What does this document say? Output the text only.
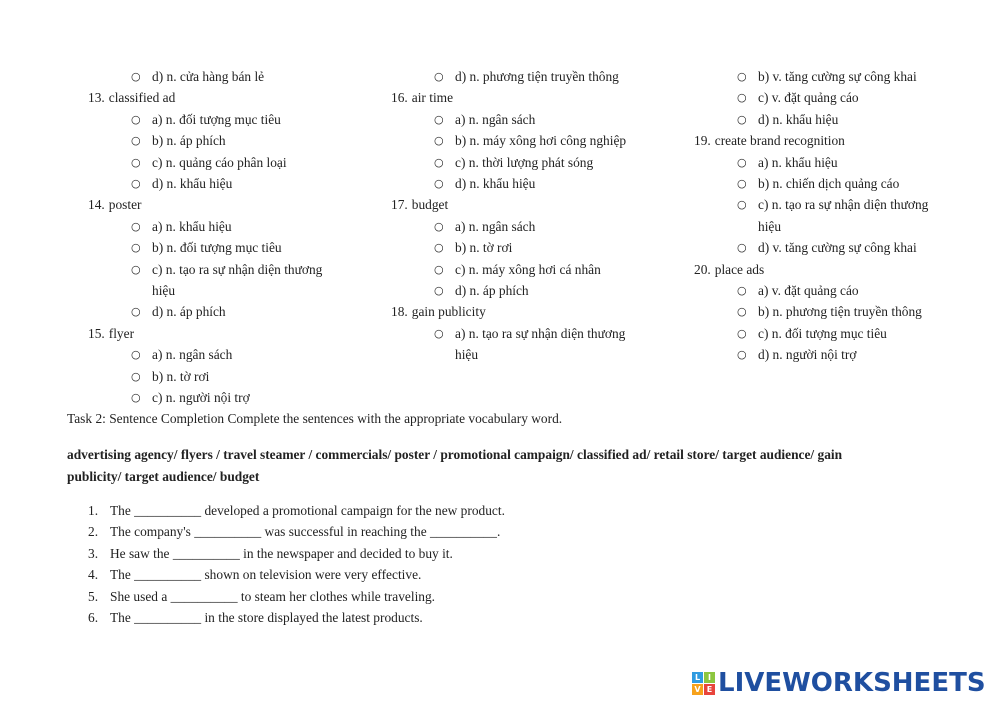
○ d) n. cửa hàng bán lẻ
13. classified ad
○ a) n. đối tượng mục tiêu
○ b) n. áp phích
○ c) n. quảng cáo phân loại
○ d) n. khẩu hiệu
14. poster
○ a) n. khẩu hiệu
○ b) n. đối tượng mục tiêu
○ c) n. tạo ra sự nhận diện thương hiệu
○ d) n. áp phích
15. flyer
○ a) n. ngân sách
○ b) n. tờ rơi
○ c) n. người nội trợ
○ d) n. phương tiện truyền thông
16. air time
○ a) n. ngân sách
○ b) n. máy xông hơi công nghiệp
○ c) n. thời lượng phát sóng
○ d) n. khẩu hiệu
17. budget
○ a) n. ngân sách
○ b) n. tờ rơi
○ c) n. máy xông hơi cá nhân
○ d) n. áp phích
18. gain publicity
○ a) n. tạo ra sự nhận diện thương hiệu
○ b) v. tăng cường sự công khai
○ c) v. đặt quảng cáo
○ d) n. khẩu hiệu
19. create brand recognition
○ a) n. khẩu hiệu
○ b) n. chiến dịch quảng cáo
○ c) n. tạo ra sự nhận diện thương hiệu
○ d) v. tăng cường sự công khai
20. place ads
○ a) v. đặt quảng cáo
○ b) n. phương tiện truyền thông
○ c) n. đối tượng mục tiêu
○ d) n. người nội trợ
Task 2: Sentence Completion Complete the sentences with the appropriate vocabulary word.
advertising agency/ flyers / travel steamer / commercials/ poster / promotional campaign/ classified ad/ retail store/ target audience/ gain publicity/ target audience/ budget
1. The __________ developed a promotional campaign for the new product.
2. The company's __________ was successful in reaching the __________.
3. He saw the __________ in the newspaper and decided to buy it.
4. The __________ shown on television were very effective.
5. She used a __________ to steam her clothes while traveling.
6. The __________ in the store displayed the latest products.
L I
V E LIVEWORKSHEETS
